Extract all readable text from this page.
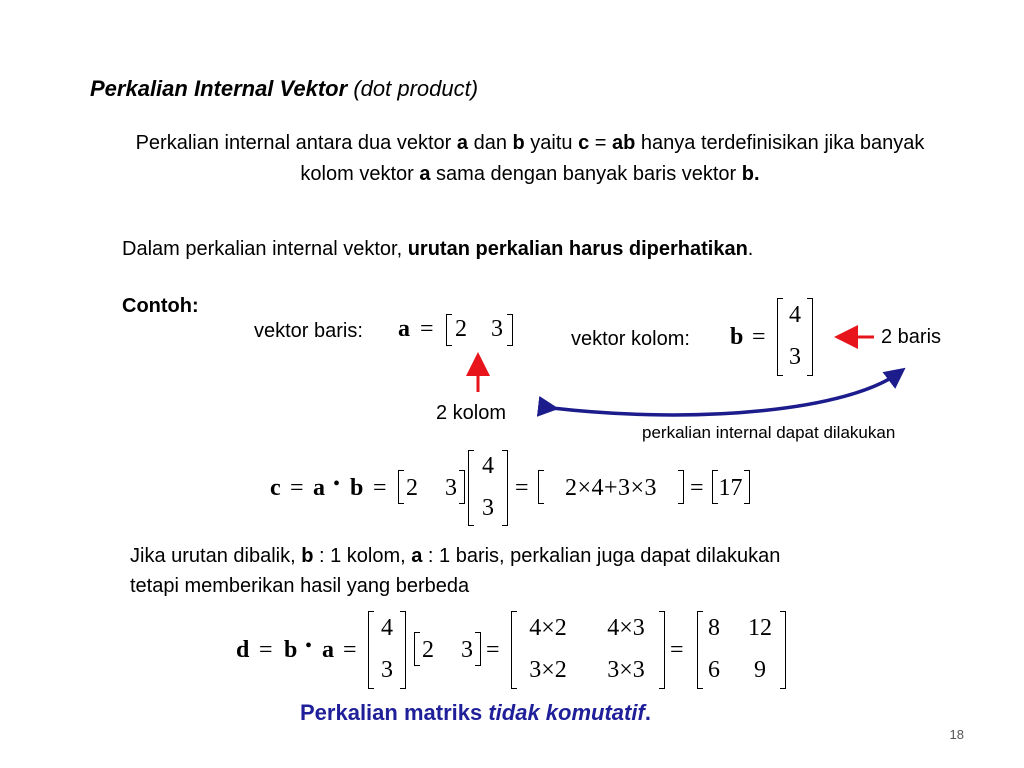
Perkalian Internal Vektor (dot product)
Perkalian internal antara dua vektor a dan b yaitu c = ab hanya terdefinisikan jika banyak kolom vektor a sama dengan banyak baris vektor b.
Dalam perkalian internal vektor, urutan perkalian harus diperhatikan.
Contoh:
vektor baris: a = 2 3	vektor kolom: b =
4
3
2 baris
2 kolom
perkalian internal dapat dilakukan
c = a • b = 2 3
4
3
=	2×4+3×3	= 17
Jika urutan dibalik, b : 1 kolom, a : 1 baris, perkalian juga dapat dilakukan
tetapi memberikan hasil yang berbeda
d = b • a =
4
3
2 3 =
4×2	4×3
3×2	3×3
=
8 12
6	9
Perkalian matriks tidak komutatif.
18
